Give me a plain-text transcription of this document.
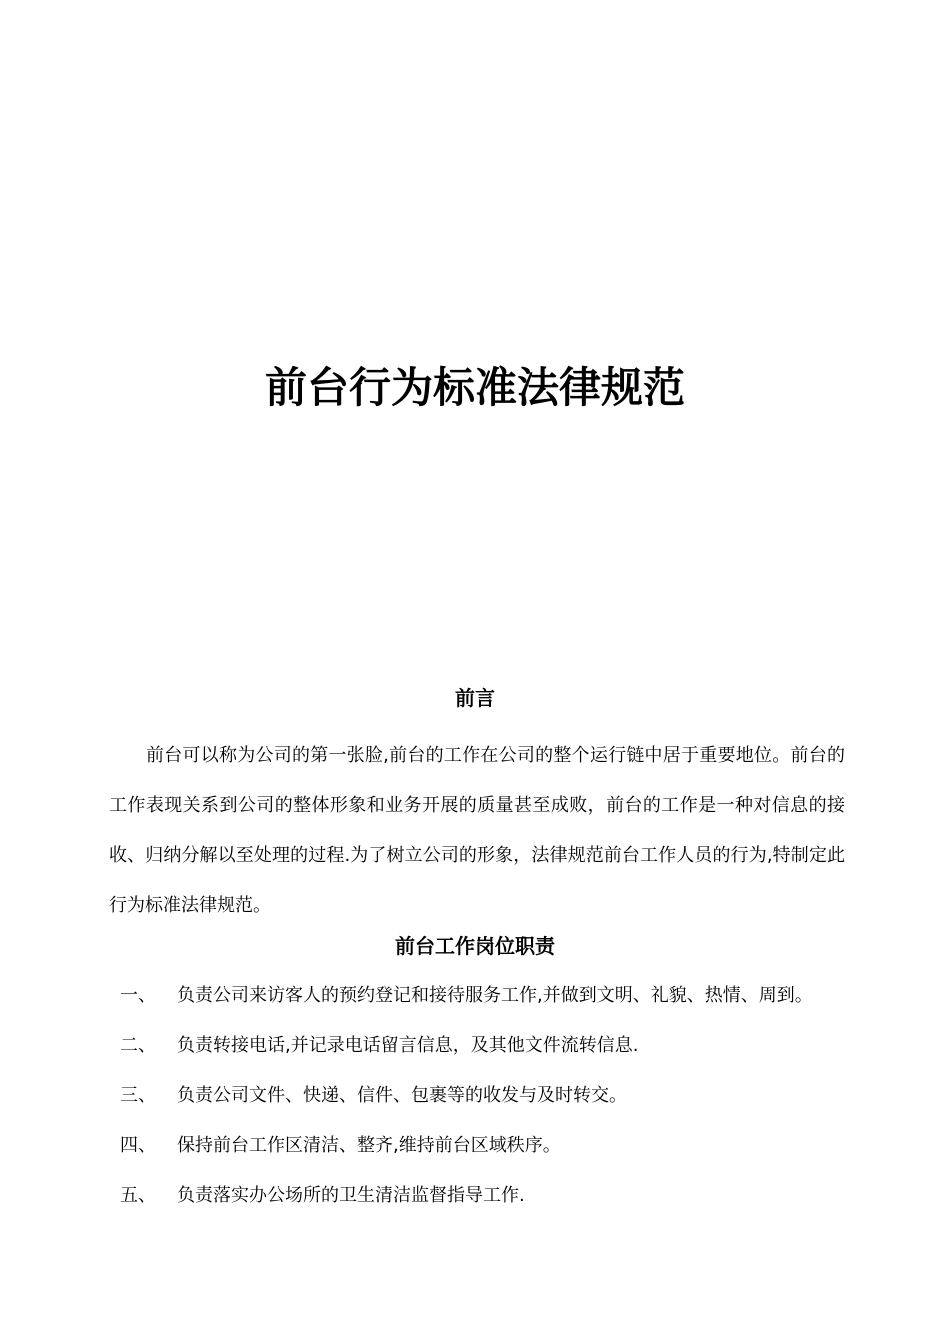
前台行为标准法律规范
前言

前台可以称为公司的第一张脸,前台的工作在公司的整个运行链中居于重要地位。前台的工作表现关系到公司的整体形象和业务开展的质量甚至成败，前台的工作是一种对信息的接收、归纳分解以至处理的过程.为了树立公司的形象，法律规范前台工作人员的行为,特制定此行为标准法律规范。

前台工作岗位职责
一、 负责公司来访客人的预约登记和接待服务工作,并做到文明、礼貌、热情、周到。
二、 负责转接电话,并记录电话留言信息，及其他文件流转信息.
三、 负责公司文件、快递、信件、包裹等的收发与及时转交。
四、 保持前台工作区清洁、整齐,维持前台区域秩序。
五、 负责落实办公场所的卫生清洁监督指导工作.
